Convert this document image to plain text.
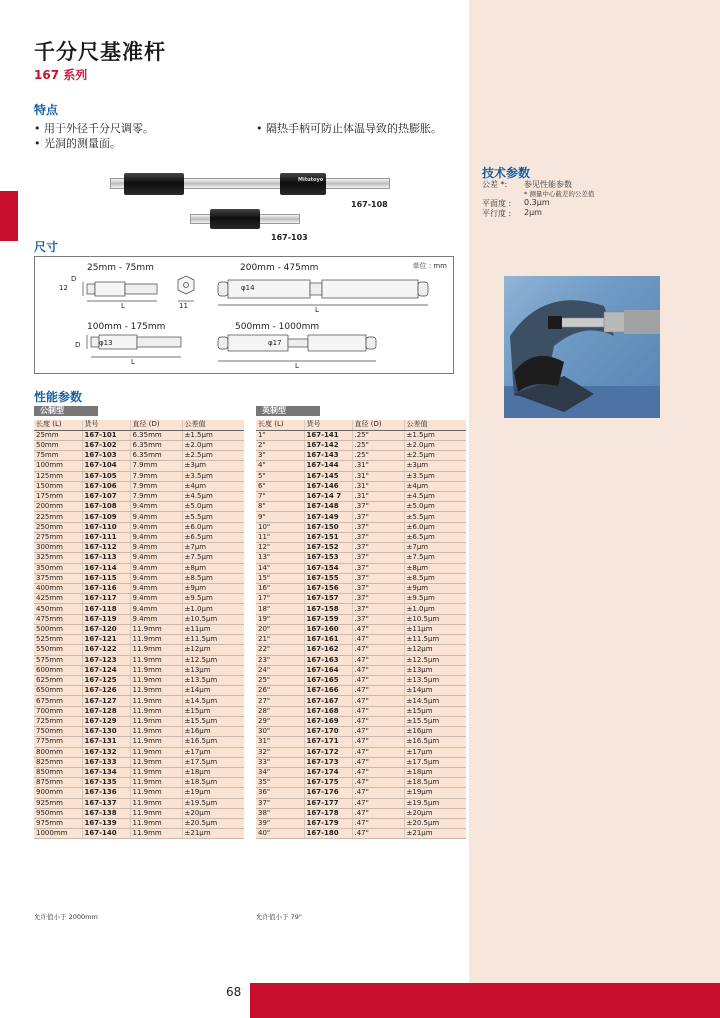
68
千分尺基准杆
167 系列
特点
• 用于外径千分尺调零。
• 光洞的测量面。
• 隔热手柄可防止体温导致的热膨胀。
Mitutoyo
167-108
167-103
技术参数
公差 *: 参见性能参数
* 测量中心截差的公差值
平面度 : 0.3μm
平行度 : 2μm
尺寸
单位 : mm
25mm - 75mm	200mm - 475mm
100mm - 175mm	500mm - 1000mm
L	L
L	L
D
D
12
11
φ14
φ13	φ17
性能参数
公制型
长度 (L)	货号	直径 (D)	公差值
25mm	167-101	6.35mm	±1.5μm
50mm	167-102	6.35mm	±2.0μm
75mm	167-103	6.35mm	±2.5μm
100mm	167-104	7.9mm	±3μm
125mm	167-105	7.9mm	±3.5μm
150mm	167-106	7.9mm	±4μm
175mm	167-107	7.9mm	±4.5μm
200mm	167-108	9.4mm	±5.0μm
225mm	167-109	9.4mm	±5.5μm
250mm	167-110	9.4mm	±6.0μm
275mm	167-111	9.4mm	±6.5μm
300mm	167-112	9.4mm	±7μm
325mm	167-113	9.4mm	±7.5μm
350mm	167-114	9.4mm	±8μm
375mm	167-115	9.4mm	±8.5μm
400mm	167-116	9.4mm	±9μm
425mm	167-117	9.4mm	±9.5μm
450mm	167-118	9.4mm	±1.0μm
475mm	167-119	9.4mm	±10.5μm
500mm	167-120	11.9mm	±11μm
525mm	167-121	11.9mm	±11.5μm
550mm	167-122	11.9mm	±12μm
575mm	167-123	11.9mm	±12.5μm
600mm	167-124	11.9mm	±13μm
625mm	167-125	11.9mm	±13.5μm
650mm	167-126	11.9mm	±14μm
675mm	167-127	11.9mm	±14.5μm
700mm	167-128	11.9mm	±15μm
725mm	167-129	11.9mm	±15.5μm
750mm	167-130	11.9mm	±16μm
775mm	167-131	11.9mm	±16.5μm
800mm	167-132	11.9mm	±17μm
825mm	167-133	11.9mm	±17.5μm
850mm	167-134	11.9mm	±18μm
875mm	167-135	11.9mm	±18.5μm
900mm	167-136	11.9mm	±19μm
925mm	167-137	11.9mm	±19.5μm
950mm	167-138	11.9mm	±20μm
975mm	167-139	11.9mm	±20.5μm
1000mm	167-140	11.9mm	±21μm
允许值小于 2000mm
英制型
长度 (L)	货号	直径 (D)	公差值
1"	167-141	.25"	±1.5μm
2"	167-142	.25"	±2.0μm
3"	167-143	.25"	±2.5μm
4"	167-144	.31"	±3μm
5"	167-145	.31"	±3.5μm
6"	167-146	.31"	±4μm
7"	167-14 7	.31"	±4.5μm
8"	167-148	.37"	±5.0μm
9"	167-149	.37"	±5.5μm
10"	167-150	.37"	±6.0μm
11"	167-151	.37"	±6.5μm
12"	167-152	.37"	±7μm
13"	167-153	.37"	±7.5μm
14"	167-154	.37"	±8μm
15"	167-155	.37"	±8.5μm
16"	167-156	.37"	±9μm
17"	167-157	.37"	±9.5μm
18"	167-158	.37"	±1.0μm
19"	167-159	.37"	±10.5μm
20"	167-160	.47"	±11μm
21"	167-161	.47"	±11.5μm
22"	167-162	.47"	±12μm
23"	167-163	.47"	±12.5μm
24"	167-164	.47"	±13μm
25"	167-165	.47"	±13.5μm
26"	167-166	.47"	±14μm
27"	167-167	.47"	±14.5μm
28"	167-168	.47"	±15μm
29"	167-169	.47"	±15.5μm
30"	167-170	.47"	±16μm
31"	167-171	.47"	±16.5μm
32"	167-172	.47"	±17μm
33"	167-173	.47"	±17.5μm
34"	167-174	.47"	±18μm
35"	167-175	.47"	±18.5μm
36"	167-176	.47"	±19μm
37"	167-177	.47"	±19.5μm
38"	167-178	.47"	±20μm
39"	167-179	.47"	±20.5μm
40"	167-180	.47"	±21μm
允许值小于 79"
